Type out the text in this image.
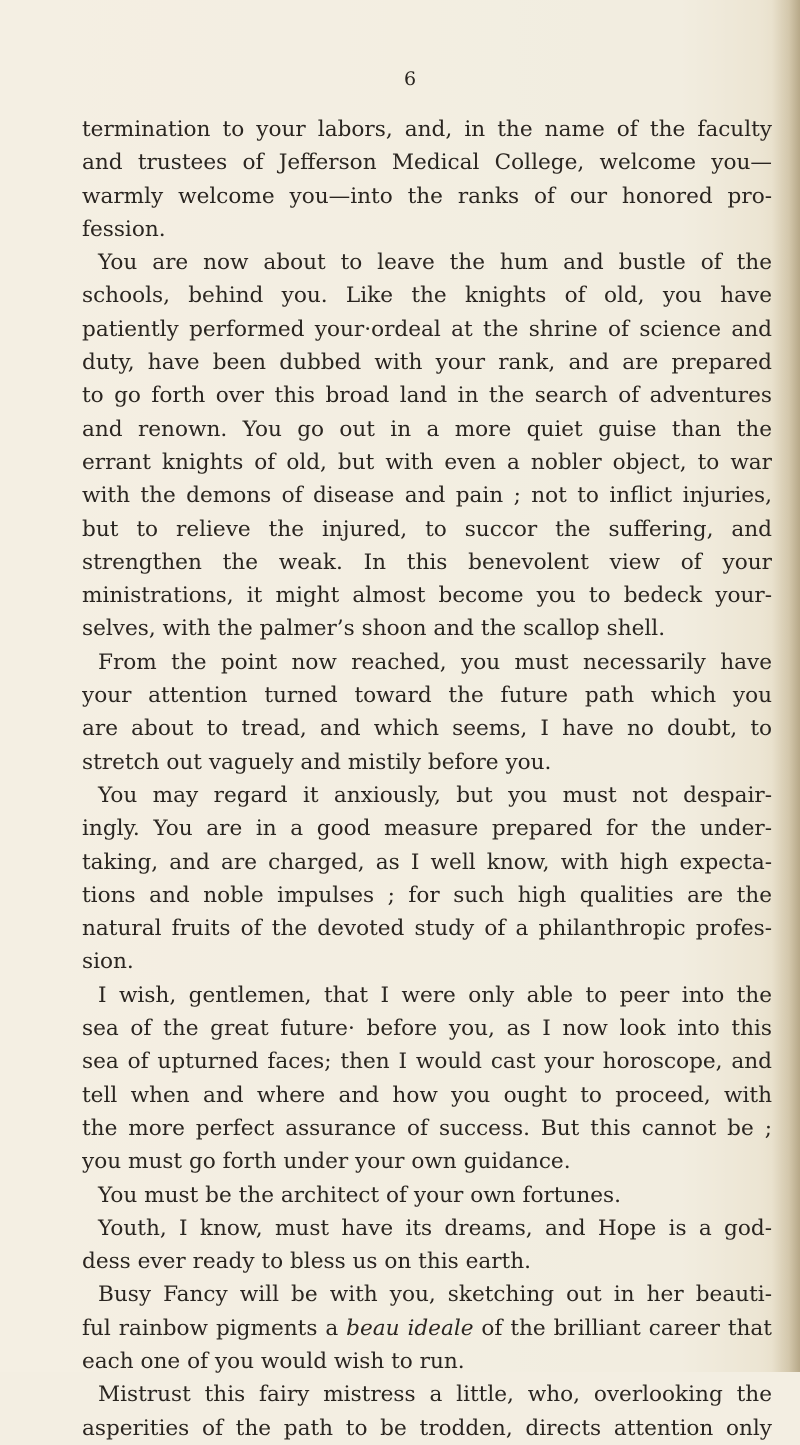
6
termination to your labors, and, in the name of the faculty
and trustees of Jefferson Medical College, welcome you—
warmly welcome you—into the ranks of our honored pro-
fession.
You are now about to leave the hum and bustle of the
schools, behind you. Like the knights of old, you have
patiently performed your·ordeal at the shrine of science and
duty, have been dubbed with your rank, and are prepared
to go forth over this broad land in the search of adventures
and renown. You go out in a more quiet guise than the
errant knights of old, but with even a nobler object, to war
with the demons of disease and pain ; not to inflict injuries,
but to relieve the injured, to succor the suffering, and
strengthen the weak. In this benevolent view of your
ministrations, it might almost become you to bedeck your-
selves, with the palmer’s shoon and the scallop shell.
From the point now reached, you must necessarily have
your attention turned toward the future path which you
are about to tread, and which seems, I have no doubt, to
stretch out vaguely and mistily before you.
You may regard it anxiously, but you must not despair-
ingly. You are in a good measure prepared for the under-
taking, and are charged, as I well know, with high expecta-
tions and noble impulses ; for such high qualities are the
natural fruits of the devoted study of a philanthropic profes-
sion.
I wish, gentlemen, that I were only able to peer into the
sea of the great future· before you, as I now look into this
sea of upturned faces; then I would cast your horoscope, and
tell when and where and how you ought to proceed, with
the more perfect assurance of success. But this cannot be ;
you must go forth under your own guidance.
You must be the architect of your own fortunes.
Youth, I know, must have its dreams, and Hope is a god-
dess ever ready to bless us on this earth.
Busy Fancy will be with you, sketching out in her beauti-
ful rainbow pigments a beau ideale of the brilliant career that
each one of you would wish to run.
Mistrust this fairy mistress a little, who, overlooking the
asperities of the path to be trodden, directs attention only
